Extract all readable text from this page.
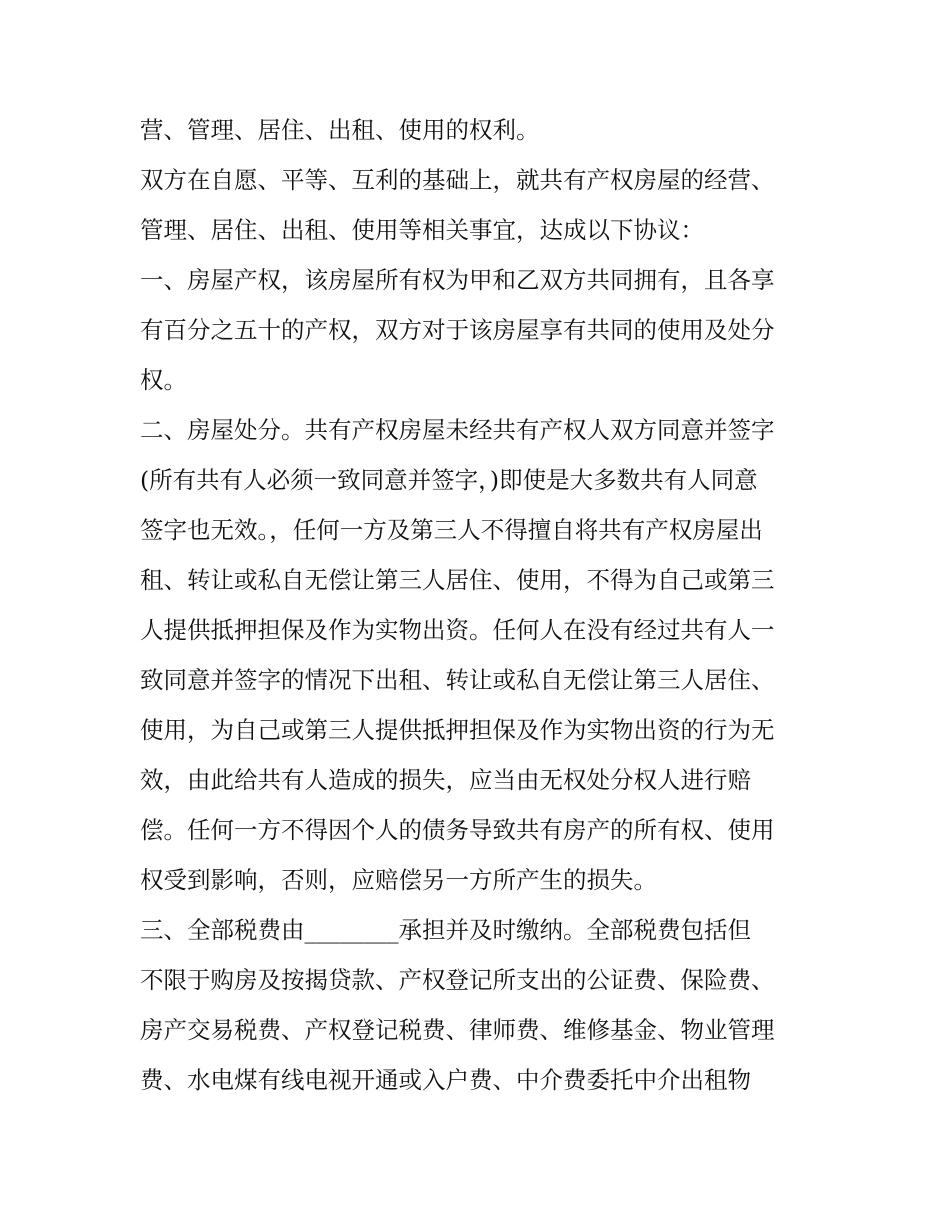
营、管理、居住、出租、使用的权利。
双方在自愿、平等、互利的基础上，就共有产权房屋的经营、
管理、居住、出租、使用等相关事宜，达成以下协议：
一、房屋产权，该房屋所有权为甲和乙双方共同拥有，且各享
有百分之五十的产权，双方对于该房屋享有共同的使用及处分
权。
二、房屋处分。共有产权房屋未经共有产权人双方同意并签字
(所有共有人必须一致同意并签字，)即使是大多数共有人同意
签字也无效。，任何一方及第三人不得擅自将共有产权房屋出
租、转让或私自无偿让第三人居住、使用，不得为自己或第三
人提供抵押担保及作为实物出资。任何人在没有经过共有人一
致同意并签字的情况下出租、转让或私自无偿让第三人居住、
使用，为自己或第三人提供抵押担保及作为实物出资的行为无
效，由此给共有人造成的损失，应当由无权处分权人进行赔
偿。任何一方不得因个人的债务导致共有房产的所有权、使用
权受到影响，否则，应赔偿另一方所产生的损失。
三、全部税费由________承担并及时缴纳。全部税费包括但
不限于购房及按揭贷款、产权登记所支出的公证费、保险费、
房产交易税费、产权登记税费、律师费、维修基金、物业管理
费、水电煤有线电视开通或入户费、中介费委托中介出租物
